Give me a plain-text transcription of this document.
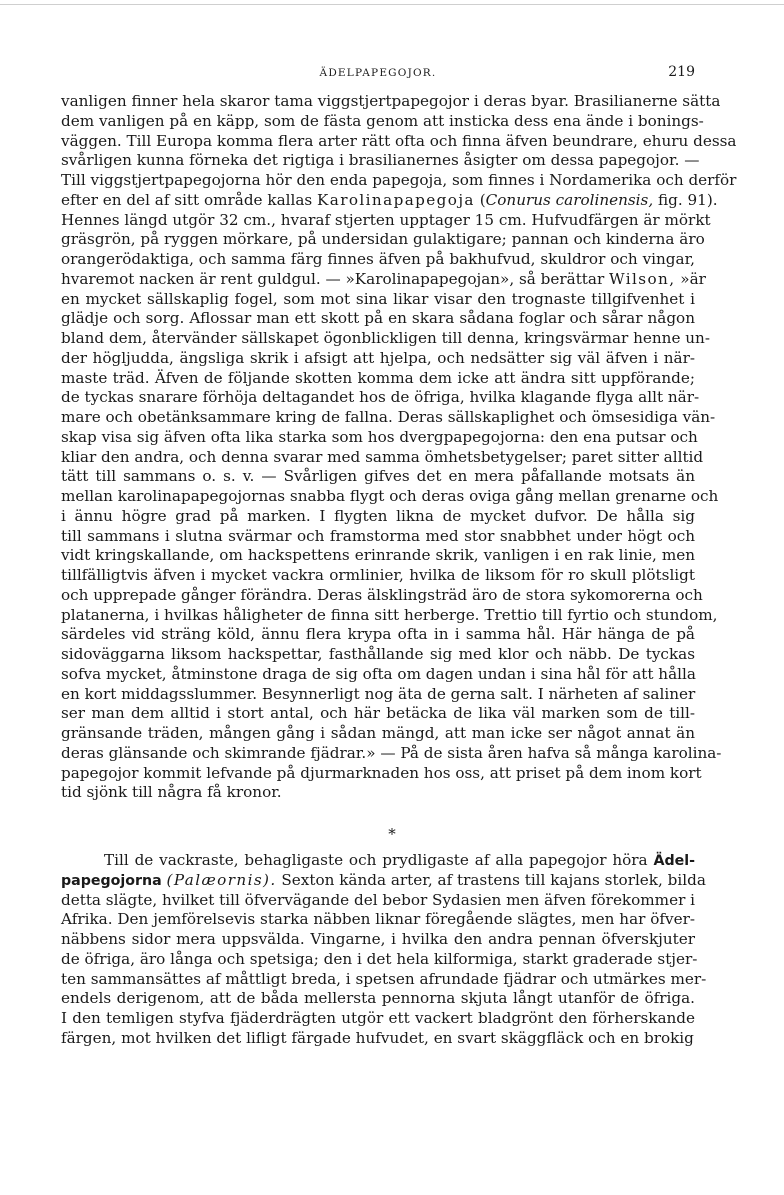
ÄDELPAPEGOJOR.	219
vanligen finner hela skaror tama viggstjertpapegojor i deras byar. Brasilianerne sätta
dem vanligen på en käpp, som de fästa genom att insticka dess ena ände i bonings-
väggen. Till Europa komma flera arter rätt ofta och finna äfven beundrare, ehuru dessa
svårligen kunna förneka det rigtiga i brasilianernes åsigter om dessa papegojor. —
Till viggstjertpapegojorna hör den enda papegoja, som finnes i Nordamerika och derför
efter en del af sitt område kallas Karolinapapegoja (Conurus carolinensis, fig. 91).
Hennes längd utgör 32 cm., hvaraf stjerten upptager 15 cm. Hufvudfärgen är mörkt
gräsgrön, på ryggen mörkare, på undersidan gulaktigare; pannan och kinderna äro
orangerödaktiga, och samma färg finnes äfven på bakhufvud, skuldror och vingar,
hvaremot nacken är rent guldgul. — »Karolinapapegojan», så berättar Wilson, »är
en mycket sällskaplig fogel, som mot sina likar visar den trognaste tillgifvenhet i
glädje och sorg. Aflossar man ett skott på en skara sådana foglar och sårar någon
bland dem, återvänder sällskapet ögonblickligen till denna, kringsvärmar henne un-
der högljudda, ängsliga skrik i afsigt att hjelpa, och nedsätter sig väl äfven i när-
maste träd. Äfven de följande skotten komma dem icke att ändra sitt uppförande;
de tyckas snarare förhöja deltagandet hos de öfriga, hvilka klagande flyga allt när-
mare och obetänksammare kring de fallna. Deras sällskaplighet och ömsesidiga vän-
skap visa sig äfven ofta lika starka som hos dvergpapegojorna: den ena putsar och
kliar den andra, och denna svarar med samma ömhetsbetygelser; paret sitter alltid
tätt till sammans o. s. v. — Svårligen gifves det en mera påfallande motsats än
mellan karolinapapegojornas snabba flygt och deras oviga gång mellan grenarne och
i ännu högre grad på marken. I flygten likna de mycket dufvor. De hålla sig
till sammans i slutna svärmar och framstorma med stor snabbhet under högt och
vidt kringskallande, om hackspettens erinrande skrik, vanligen i en rak linie, men
tillfälligtvis äfven i mycket vackra ormlinier, hvilka de liksom för ro skull plötsligt
och upprepade gånger förändra. Deras älsklingsträd äro de stora sykomorerna och
platanerna, i hvilkas håligheter de finna sitt herberge. Trettio till fyrtio och stundom,
särdeles vid sträng köld, ännu flera krypa ofta in i samma hål. Här hänga de på
sidoväggarna liksom hackspettar, fasthållande sig med klor och näbb. De tyckas
sofva mycket, åtminstone draga de sig ofta om dagen undan i sina hål för att hålla
en kort middagsslummer. Besynnerligt nog äta de gerna salt. I närheten af saliner
ser man dem alltid i stort antal, och här betäcka de lika väl marken som de till-
gränsande träden, mången gång i sådan mängd, att man icke ser något annat än
deras glänsande och skimrande fjädrar.» — På de sista åren hafva så många karolina-
papegojor kommit lefvande på djurmarknaden hos oss, att priset på dem inom kort
tid sjönk till några få kronor.
*
Till de vackraste, behagligaste och prydligaste af alla papegojor höra Ädel-
papegojorna (Palæornis). Sexton kända arter, af trastens till kajans storlek, bilda
detta slägte, hvilket till öfvervägande del bebor Sydasien men äfven förekommer i
Afrika. Den jemförelsevis starka näbben liknar föregående slägtes, men har öfver-
näbbens sidor mera uppsvälda. Vingarne, i hvilka den andra pennan öfverskjuter
de öfriga, äro långa och spetsiga; den i det hela kilformiga, starkt graderade stjer-
ten sammansättes af måttligt breda, i spetsen afrundade fjädrar och utmärkes mer-
endels derigenom, att de båda mellersta pennorna skjuta långt utanför de öfriga.
I den temligen styfva fjäderdrägten utgör ett vackert bladgrönt den förherskande
färgen, mot hvilken det lifligt färgade hufvudet, en svart skäggfläck och en brokig
